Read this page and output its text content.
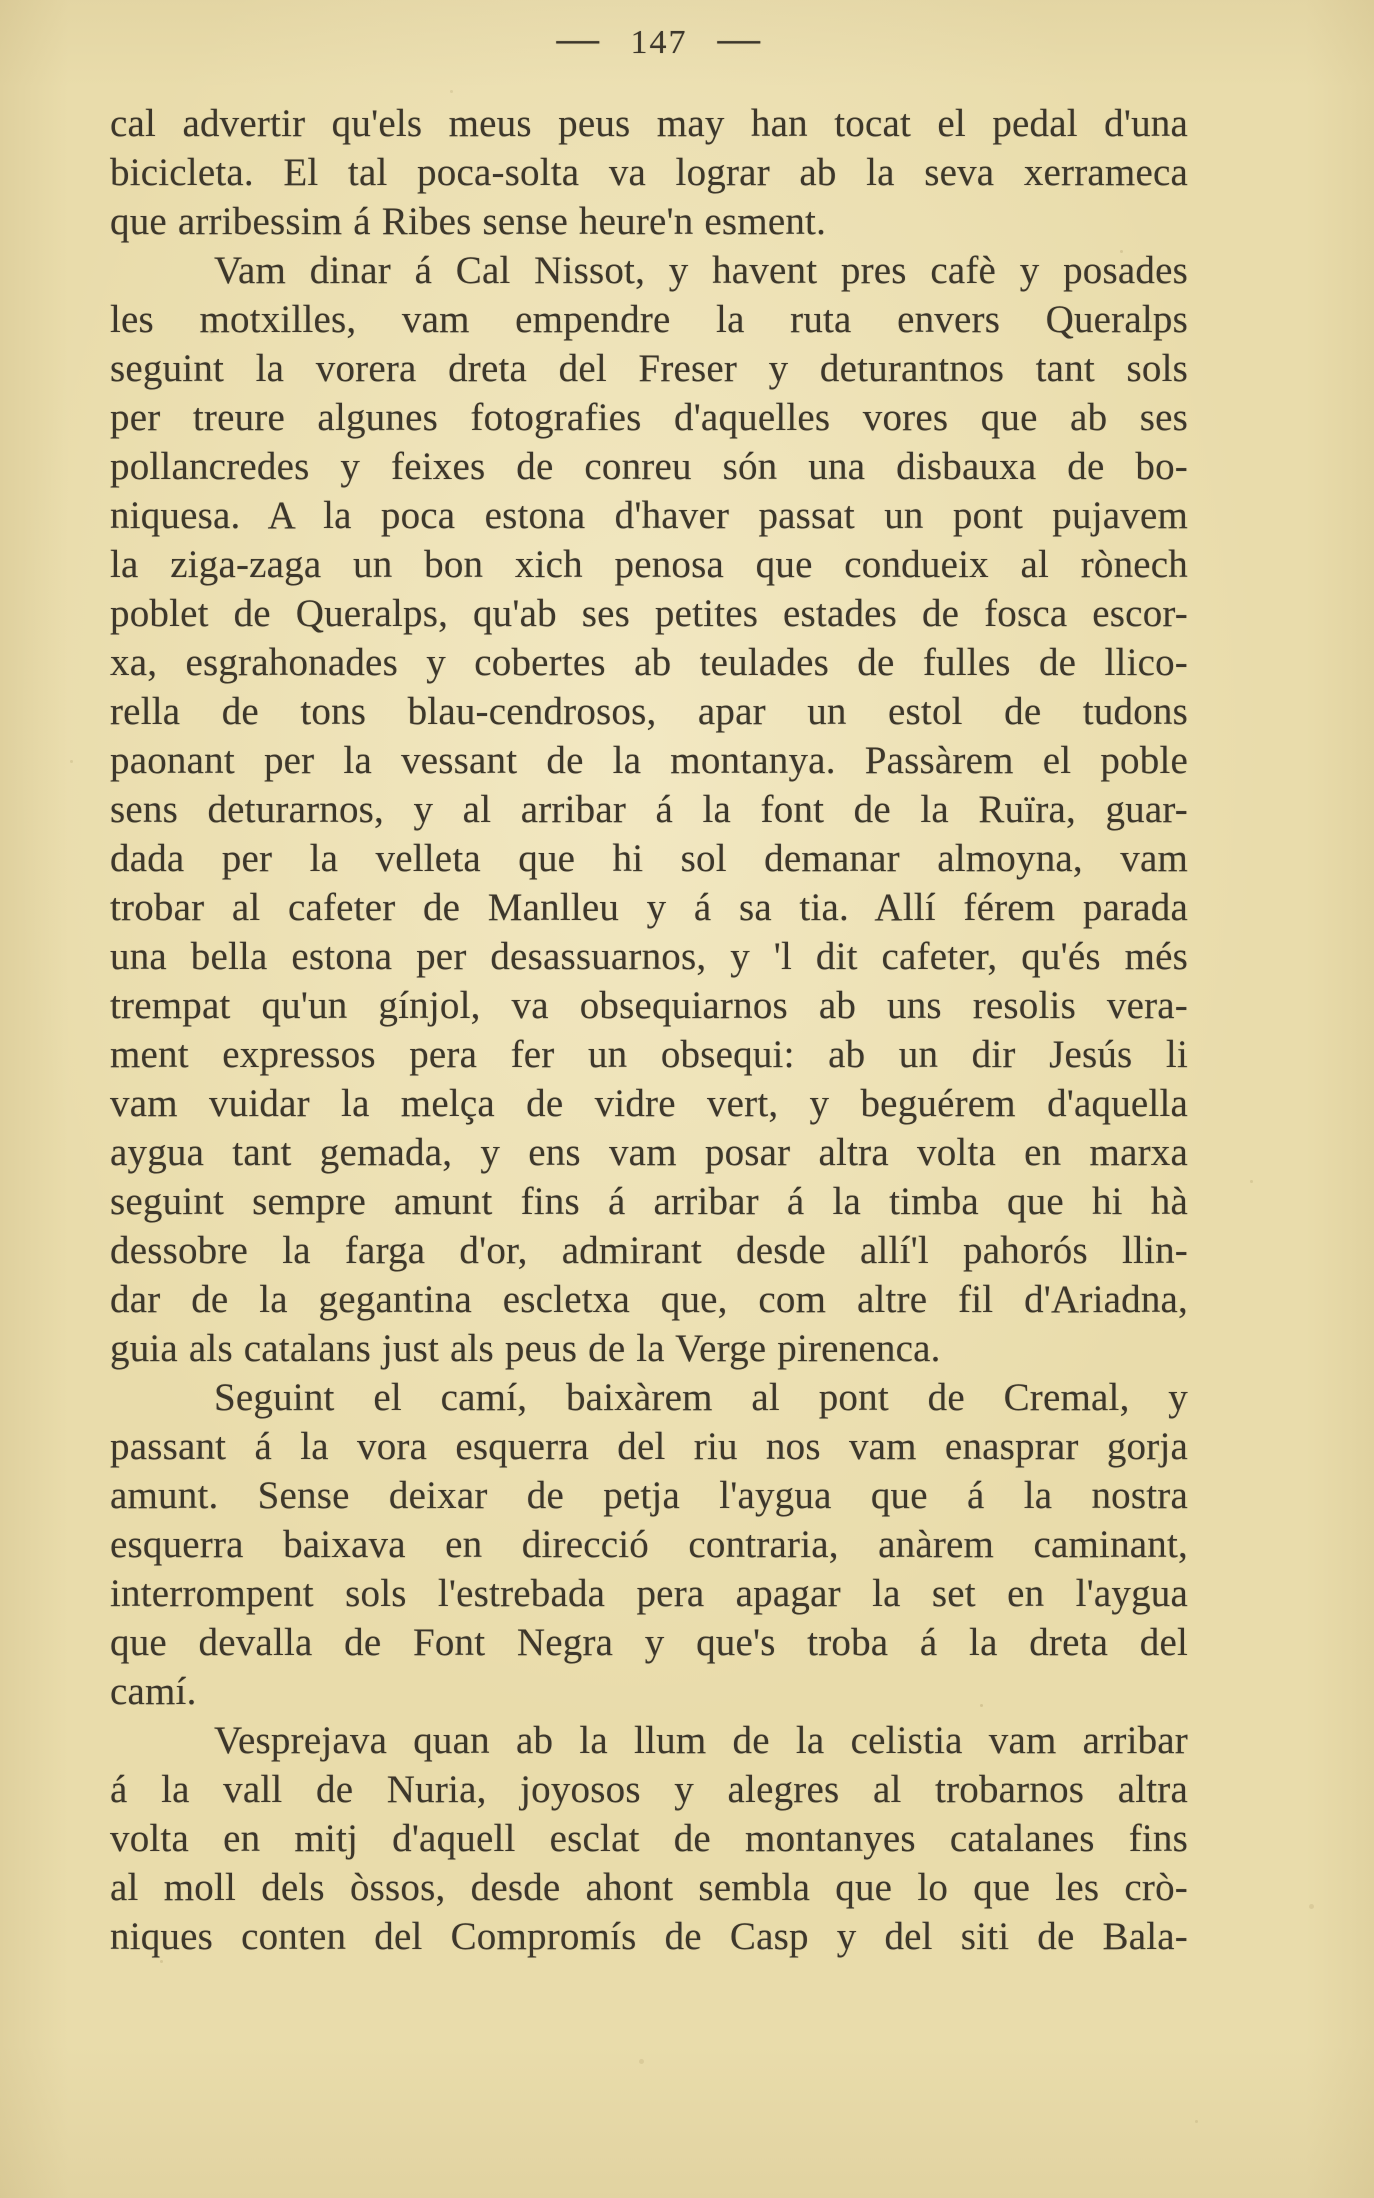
— 147 —
cal advertir qu'els meus peus may han tocat el pedal d'una
bicicleta. El tal poca-solta va lograr ab la seva xerrameca
que arribessim á Ribes sense heure'n esment.
Vam dinar á Cal Nissot, y havent pres cafè y posades
les motxilles, vam empendre la ruta envers Queralps
seguint la vorera dreta del Freser y deturantnos tant sols
per treure algunes fotografies d'aquelles vores que ab ses
pollancredes y feixes de conreu són una disbauxa de bo-
niquesa. A la poca estona d'haver passat un pont pujavem
la ziga-zaga un bon xich penosa que condueix al rònech
poblet de Queralps, qu'ab ses petites estades de fosca escor-
xa, esgrahonades y cobertes ab teulades de fulles de llico-
rella de tons blau-cendrosos, apar un estol de tudons
paonant per la vessant de la montanya. Passàrem el poble
sens deturarnos, y al arribar á la font de la Ruïra, guar-
dada per la velleta que hi sol demanar almoyna, vam
trobar al cafeter de Manlleu y á sa tia. Allí férem parada
una bella estona per desassuarnos, y 'l dit cafeter, qu'és més
trempat qu'un gínjol, va obsequiarnos ab uns resolis vera-
ment expressos pera fer un obsequi: ab un dir Jesús li
vam vuidar la melça de vidre vert, y beguérem d'aquella
aygua tant gemada, y ens vam posar altra volta en marxa
seguint sempre amunt fins á arribar á la timba que hi hà
dessobre la farga d'or, admirant desde allí'l pahorós llin-
dar de la gegantina escletxa que, com altre fil d'Ariadna,
guia als catalans just als peus de la Verge pirenenca.
Seguint el camí, baixàrem al pont de Cremal, y
passant á la vora esquerra del riu nos vam enasprar gorja
amunt. Sense deixar de petja l'aygua que á la nostra
esquerra baixava en direcció contraria, anàrem caminant,
interrompent sols l'estrebada pera apagar la set en l'aygua
que devalla de Font Negra y que's troba á la dreta del
camí.
Vesprejava quan ab la llum de la celistia vam arribar
á la vall de Nuria, joyosos y alegres al trobarnos altra
volta en mitj d'aquell esclat de montanyes catalanes fins
al moll dels òssos, desde ahont sembla que lo que les crò-
niques conten del Compromís de Casp y del siti de Bala-
